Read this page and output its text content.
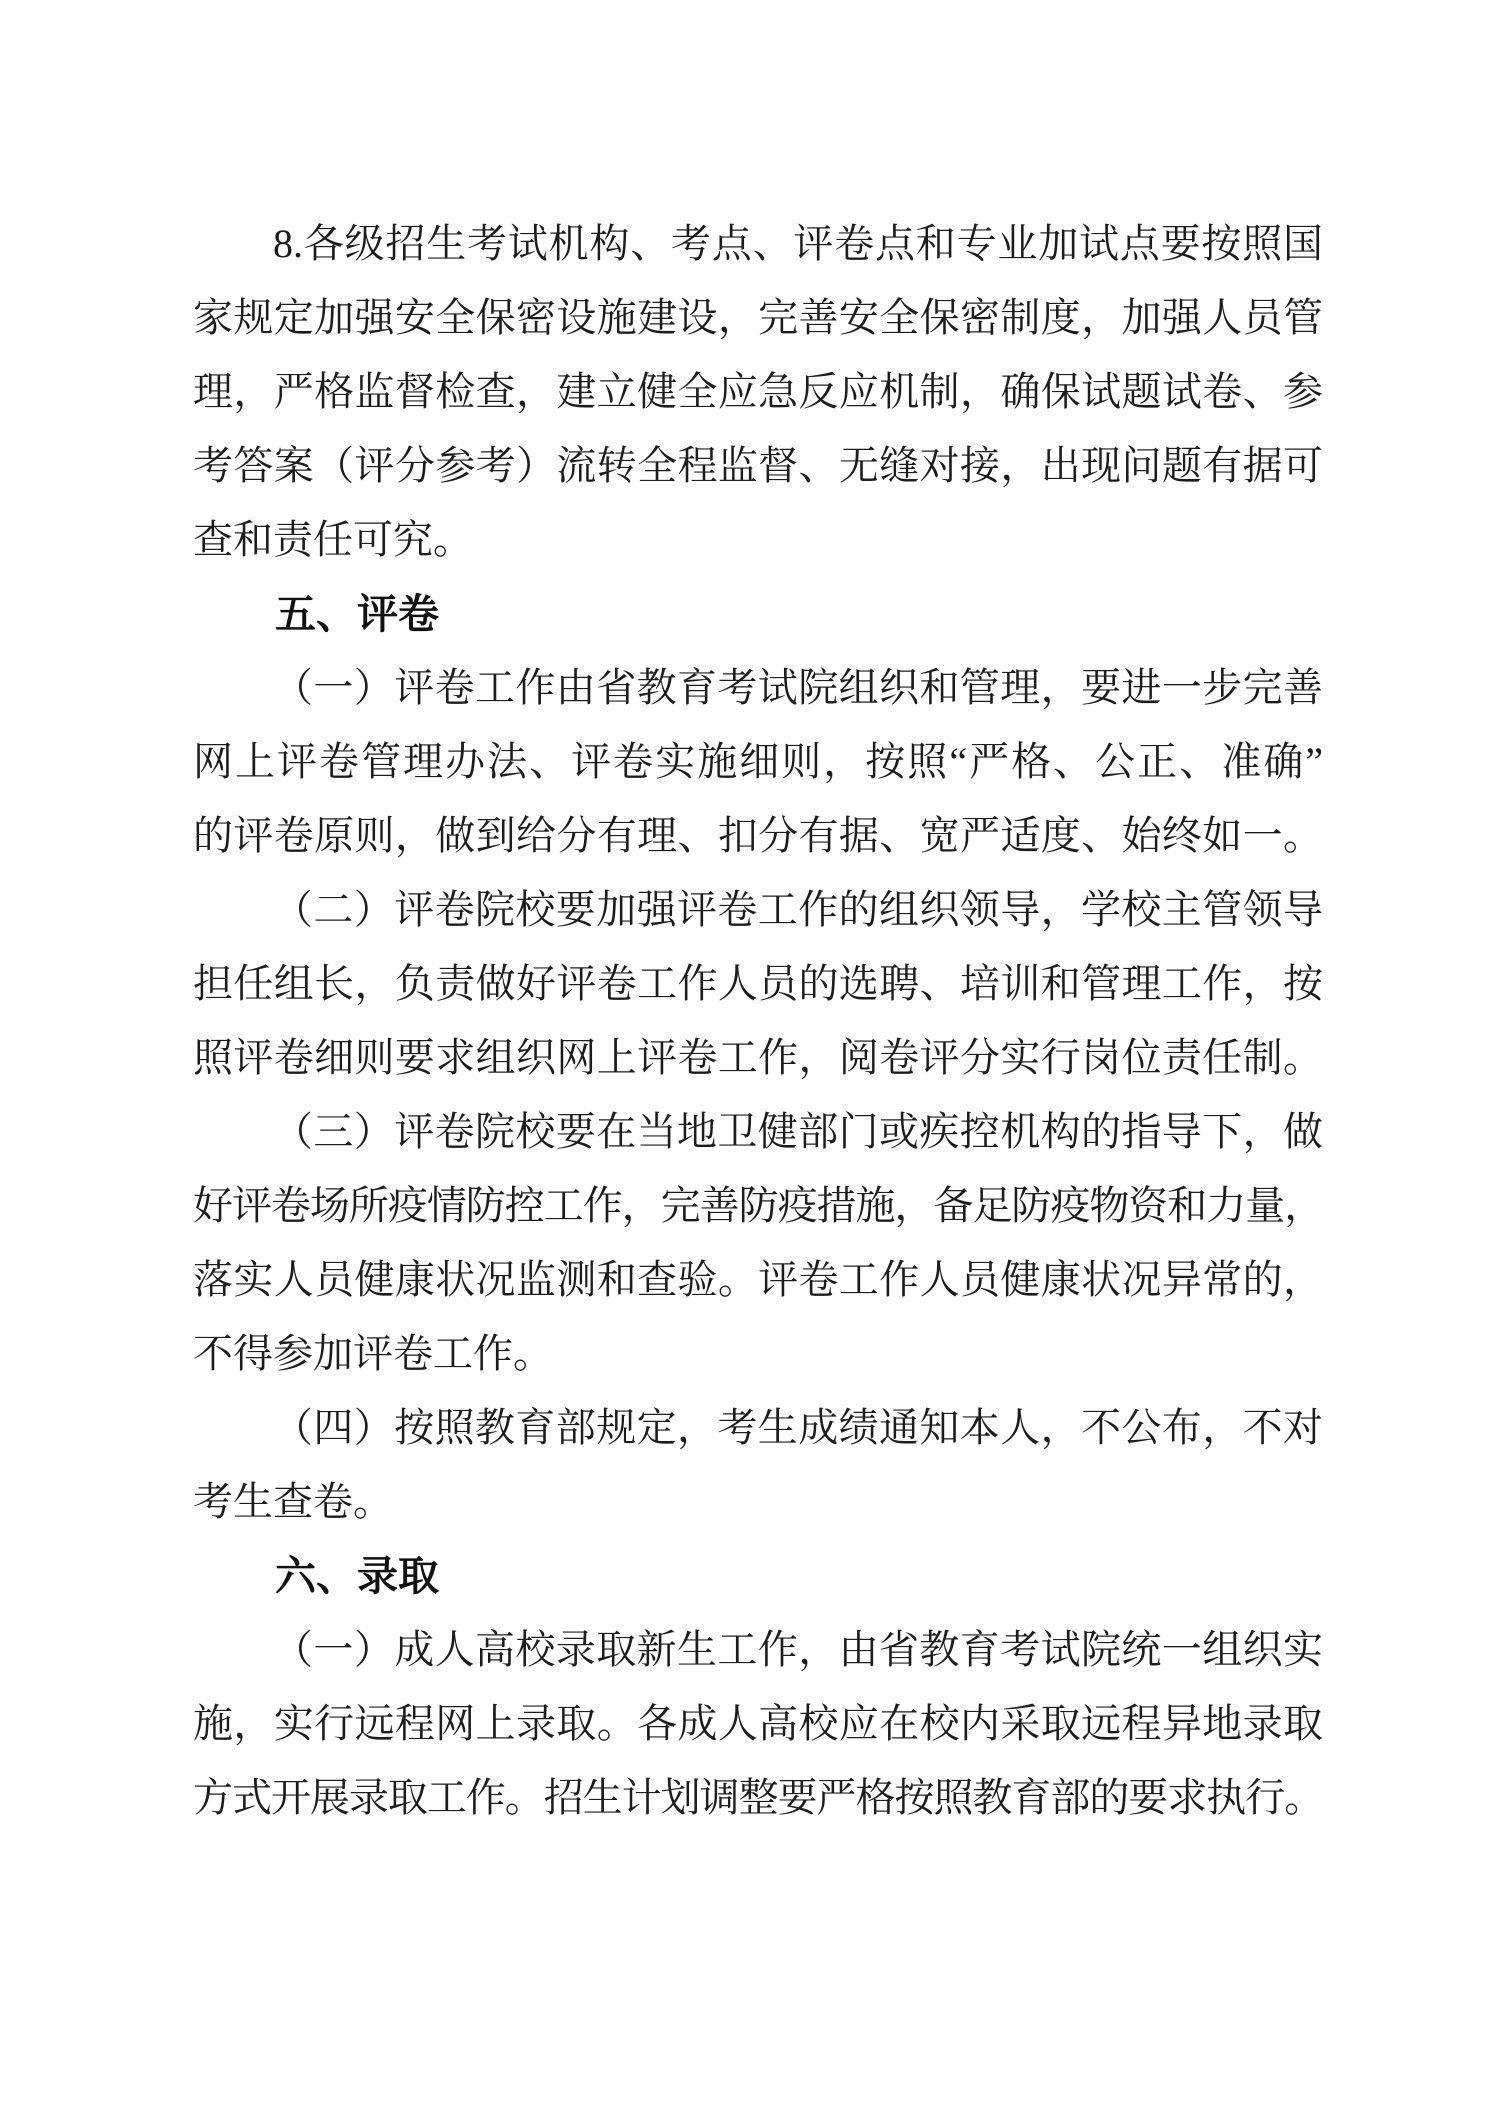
8.各级招生考试机构、考点、评卷点和专业加试点要按照国
家规定加强安全保密设施建设，完善安全保密制度，加强人员管
理，严格监督检查，建立健全应急反应机制，确保试题试卷、参
考答案（评分参考）流转全程监督、无缝对接，出现问题有据可
查和责任可究。
五、评卷
（一）评卷工作由省教育考试院组织和管理，要进一步完善
网上评卷管理办法、评卷实施细则，按照“严格、公正、准确”
的评卷原则，做到给分有理、扣分有据、宽严适度、始终如一。
（二）评卷院校要加强评卷工作的组织领导，学校主管领导
担任组长，负责做好评卷工作人员的选聘、培训和管理工作，按
照评卷细则要求组织网上评卷工作，阅卷评分实行岗位责任制。
（三）评卷院校要在当地卫健部门或疾控机构的指导下，做
好评卷场所疫情防控工作，完善防疫措施，备足防疫物资和力量，
落实人员健康状况监测和查验。评卷工作人员健康状况异常的，
不得参加评卷工作。
（四）按照教育部规定，考生成绩通知本人，不公布，不对
考生查卷。
六、录取
（一）成人高校录取新生工作，由省教育考试院统一组织实
施，实行远程网上录取。各成人高校应在校内采取远程异地录取
方式开展录取工作。招生计划调整要严格按照教育部的要求执行。
